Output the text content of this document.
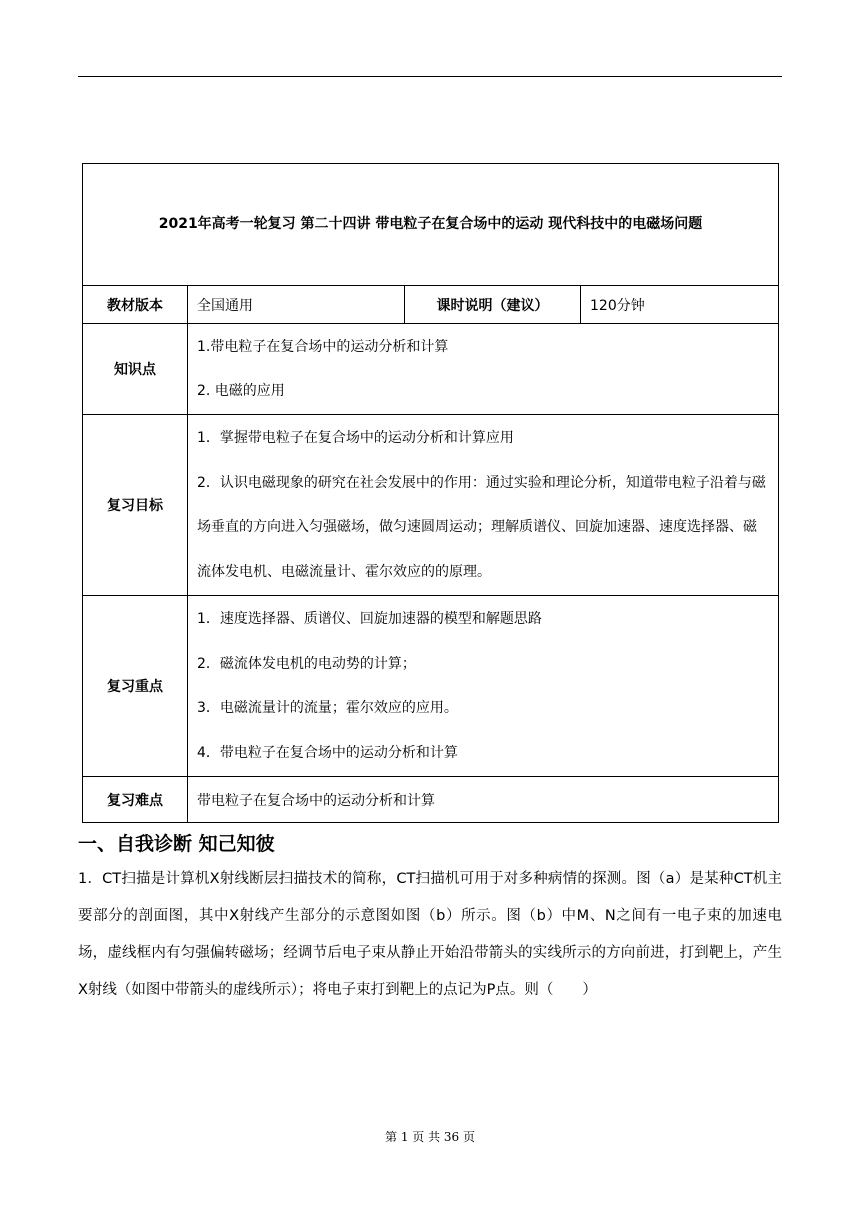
2021年高考一轮复习 第二十四讲 带电粒子在复合场中的运动 现代科技中的电磁场问题			
教材版本	全国通用	课时说明（建议）	120分钟
知识点	1.带电粒子在复合场中的运动分析和计算
2. 电磁的应用		

复习目标	1．掌握带电粒子在复合场中的运动分析和计算应用
2．认识电磁现象的研究在社会发展中的作用：通过实验和理论分析，知道带电粒子沿着与磁场垂直的方向进入匀强磁场，做匀速圆周运动；理解质谱仪、回旋加速器、速度选择器、磁流体发电机、电磁流量计、霍尔效应的的原理。		

复习重点	1．速度选择器、质谱仪、回旋加速器的模型和解题思路
2．磁流体发电机的电动势的计算；
3．电磁流量计的流量；霍尔效应的应用。
4．带电粒子在复合场中的运动分析和计算		

复习难点	带电粒子在复合场中的运动分析和计算		
一、自我诊断 知己知彼

1．CT扫描是计算机X射线断层扫描技术的简称，CT扫描机可用于对多种病情的探测。图（a）是某种CT机主要部分的剖面图，其中X射线产生部分的示意图如图（b）所示。图（b）中M、N之间有一电子束的加速电场，虚线框内有匀强偏转磁场；经调节后电子束从静止开始沿带箭头的实线所示的方向前进，打到靶上，产生X射线（如图中带箭头的虚线所示）；将电子束打到靶上的点记为P点。则（　　）

第 1 页 共 36 页
